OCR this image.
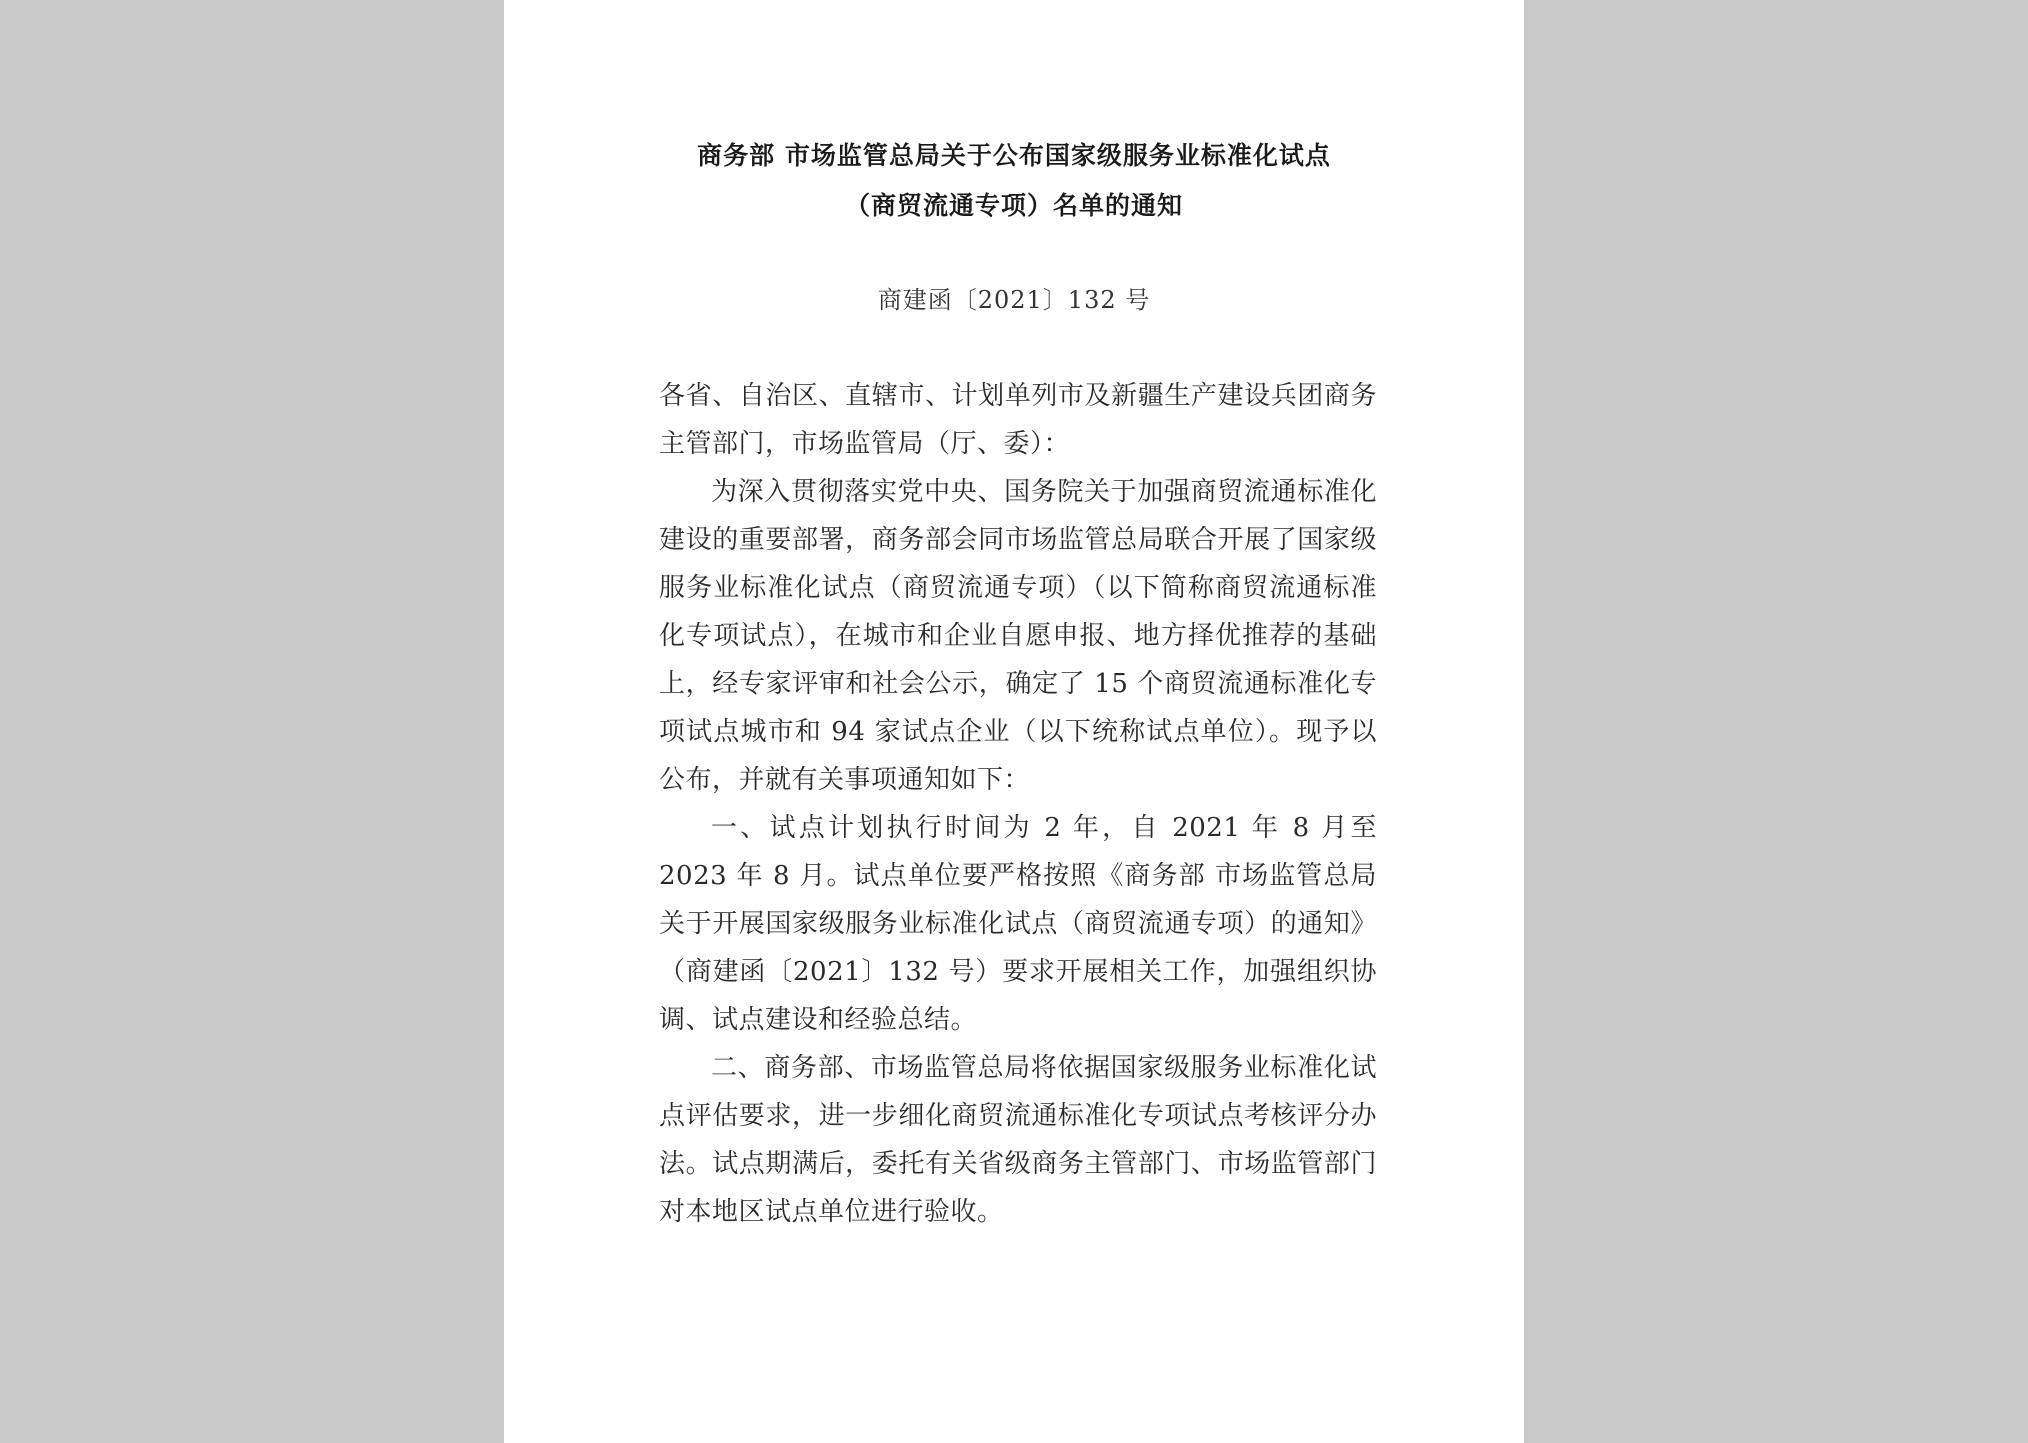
商务部 市场监管总局关于公布国家级服务业标准化试点
（商贸流通专项）名单的通知
商建函〔2021〕132 号

各省、自治区、直辖市、计划单列市及新疆生产建设兵团商务主管部门，市场监管局（厅、委）：

为深入贯彻落实党中央、国务院关于加强商贸流通标准化建设的重要部署，商务部会同市场监管总局联合开展了国家级服务业标准化试点（商贸流通专项）（以下简称商贸流通标准化专项试点），在城市和企业自愿申报、地方择优推荐的基础上，经专家评审和社会公示，确定了 15 个商贸流通标准化专项试点城市和 94 家试点企业（以下统称试点单位）。现予以公布，并就有关事项通知如下：

一、试点计划执行时间为 2 年，自 2021 年 8 月至 2023 年 8 月。试点单位要严格按照《商务部 市场监管总局关于开展国家级服务业标准化试点（商贸流通专项）的通知》（商建函〔2021〕132 号）要求开展相关工作，加强组织协调、试点建设和经验总结。

二、商务部、市场监管总局将依据国家级服务业标准化试点评估要求，进一步细化商贸流通标准化专项试点考核评分办法。试点期满后，委托有关省级商务主管部门、市场监管部门对本地区试点单位进行验收。
